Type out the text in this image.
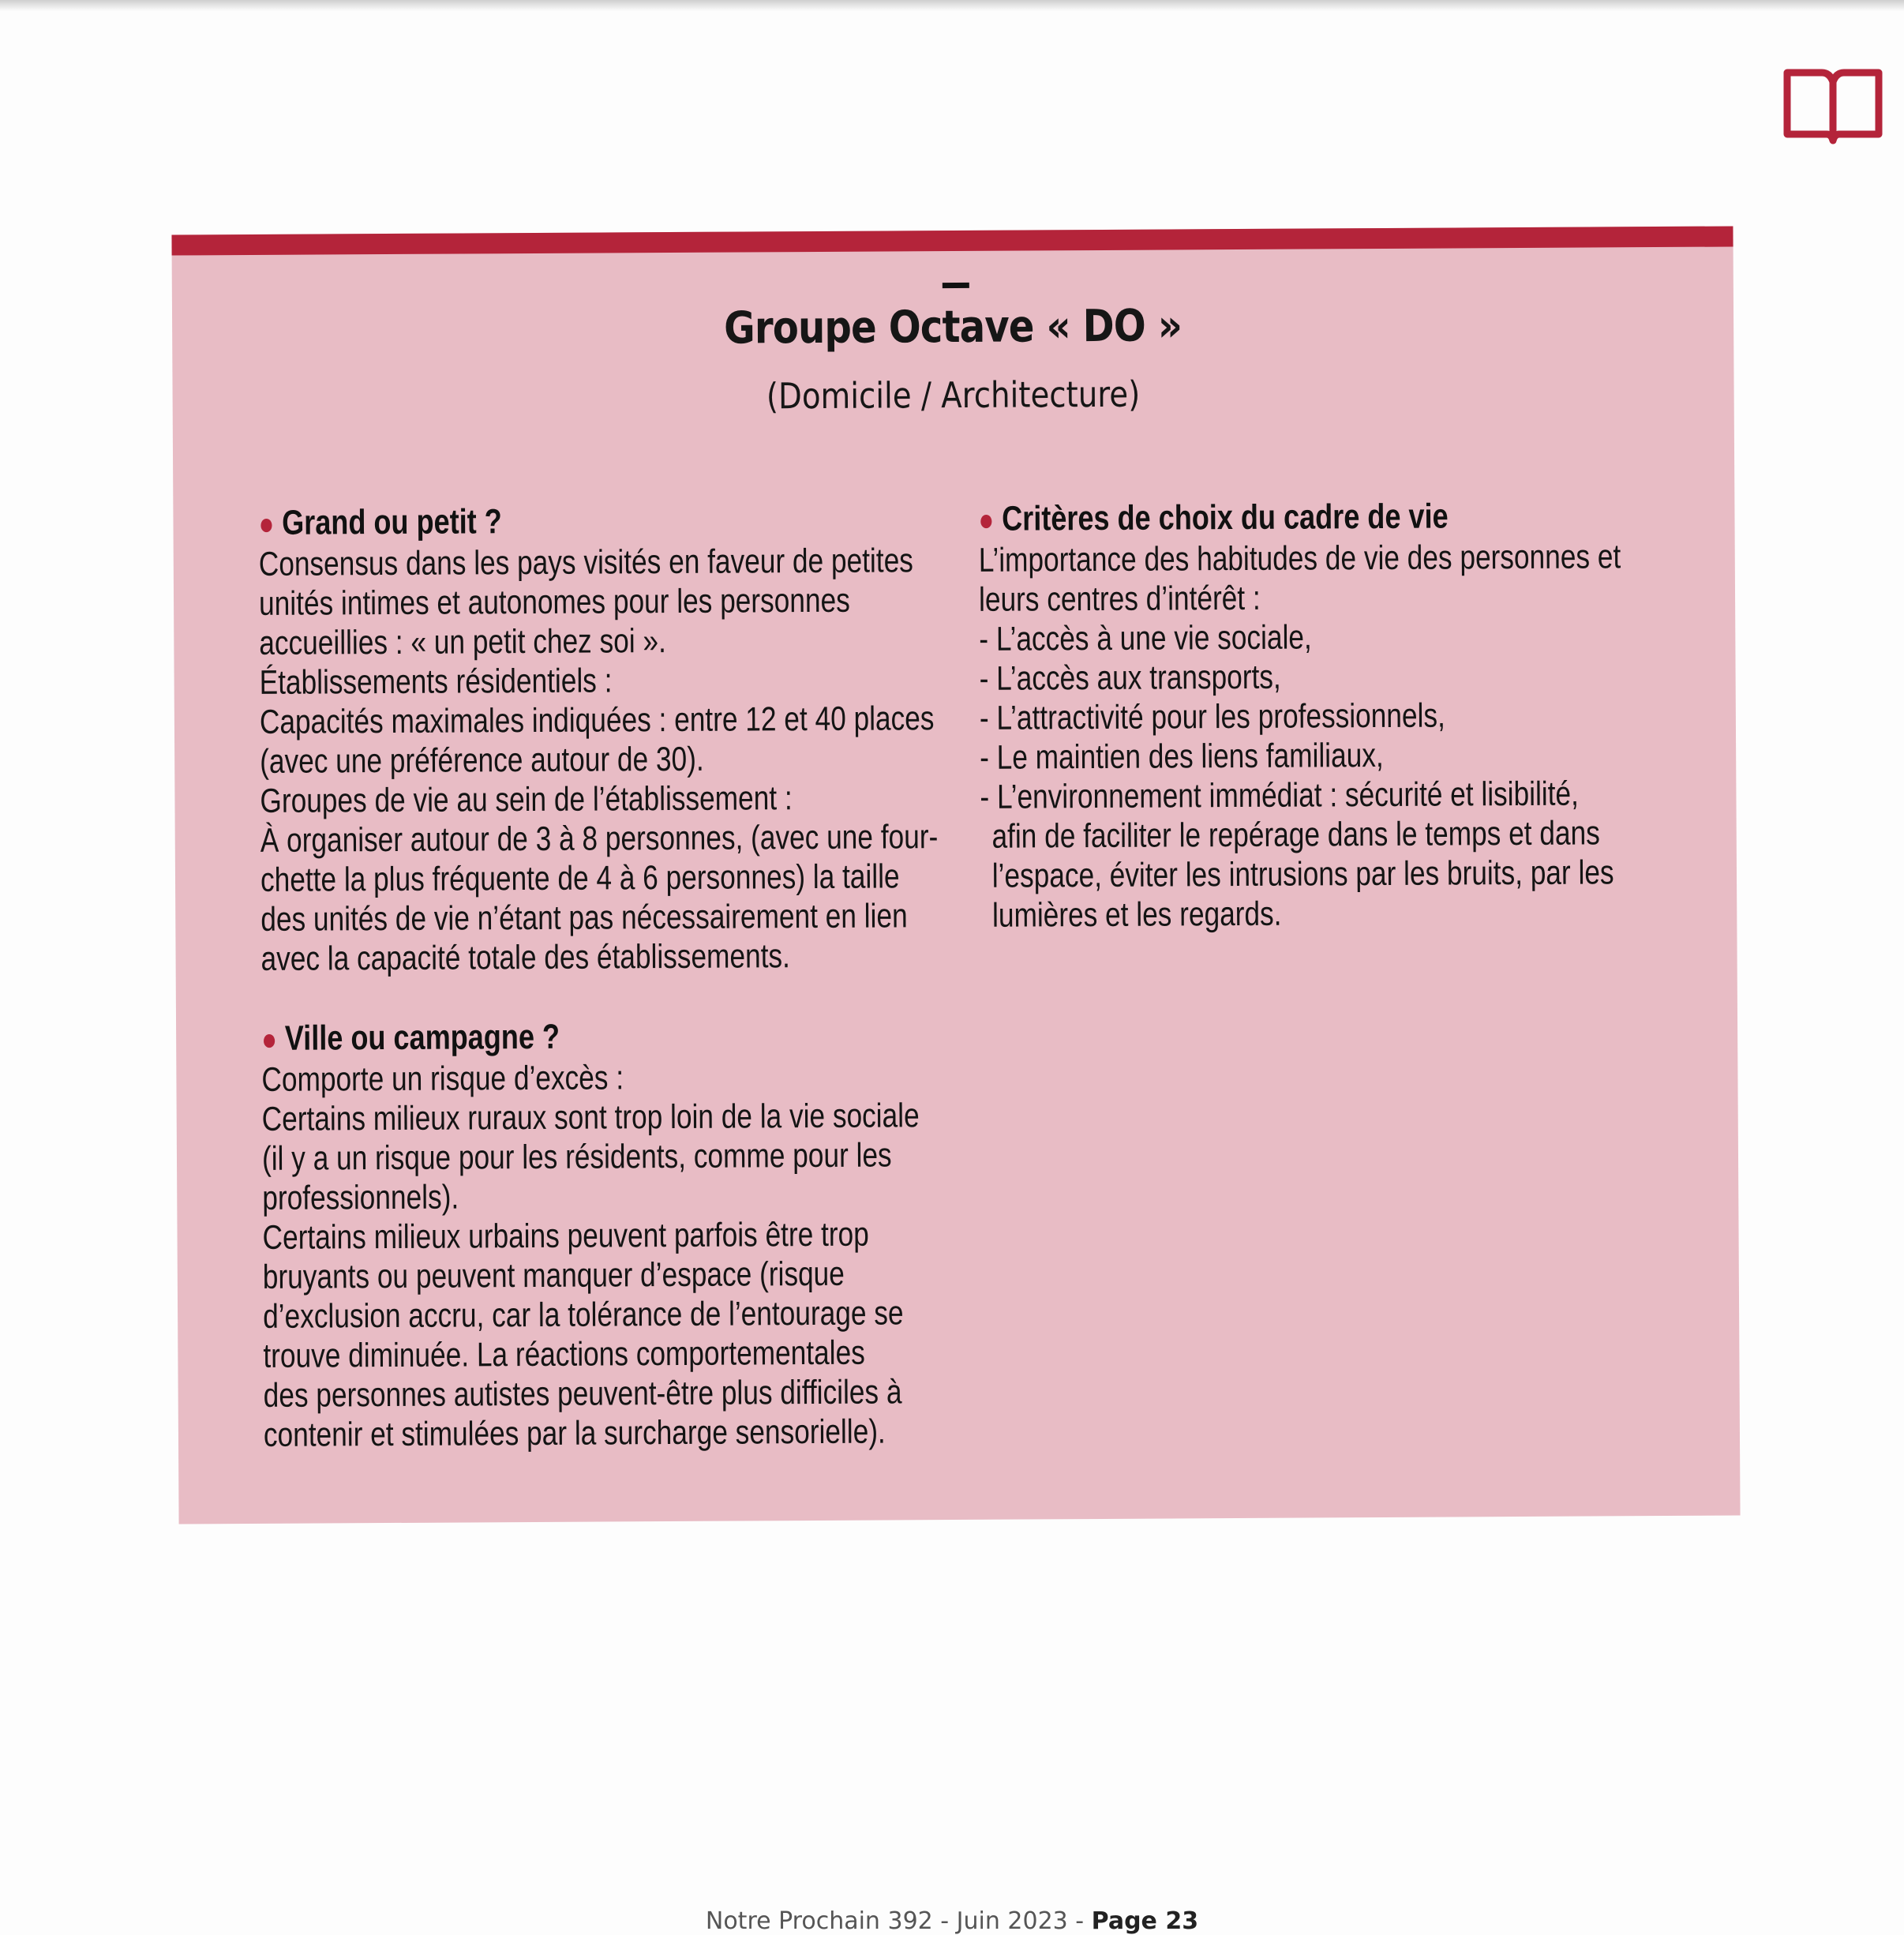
Groupe Octave « DO »
(Domicile / Architecture)
● Grand ou petit ?
Consensus dans les pays visités en faveur de petites
unités intimes et autonomes pour les personnes
accueillies : « un petit chez soi ».
Établissements résidentiels :
Capacités maximales indiquées : entre 12 et 40 places
(avec une préférence autour de 30).
Groupes de vie au sein de l’établissement :
À organiser autour de 3 à 8 personnes, (avec une four-
chette la plus fréquente de 4 à 6 personnes) la taille
des unités de vie n’étant pas nécessairement en lien
avec la capacité totale des établissements.
● Ville ou campagne ?
Comporte un risque d’excès :
Certains milieux ruraux sont trop loin de la vie sociale
(il y a un risque pour les résidents, comme pour les
professionnels).
Certains milieux urbains peuvent parfois être trop
bruyants ou peuvent manquer d’espace (risque
d’exclusion accru, car la tolérance de l’entourage se
trouve diminuée. La réactions comportementales
des personnes autistes peuvent-être plus difficiles à
contenir et stimulées par la surcharge sensorielle).
● Critères de choix du cadre de vie
L’importance des habitudes de vie des personnes et
leurs centres d’intérêt :
- L’accès à une vie sociale,
- L’accès aux transports,
- L’attractivité pour les professionnels,
- Le maintien des liens familiaux,
- L’environnement immédiat : sécurité et lisibilité,
afin de faciliter le repérage dans le temps et dans
l’espace, éviter les intrusions par les bruits, par les
lumières et les regards.
Notre Prochain 392 - Juin 2023 - Page 23
